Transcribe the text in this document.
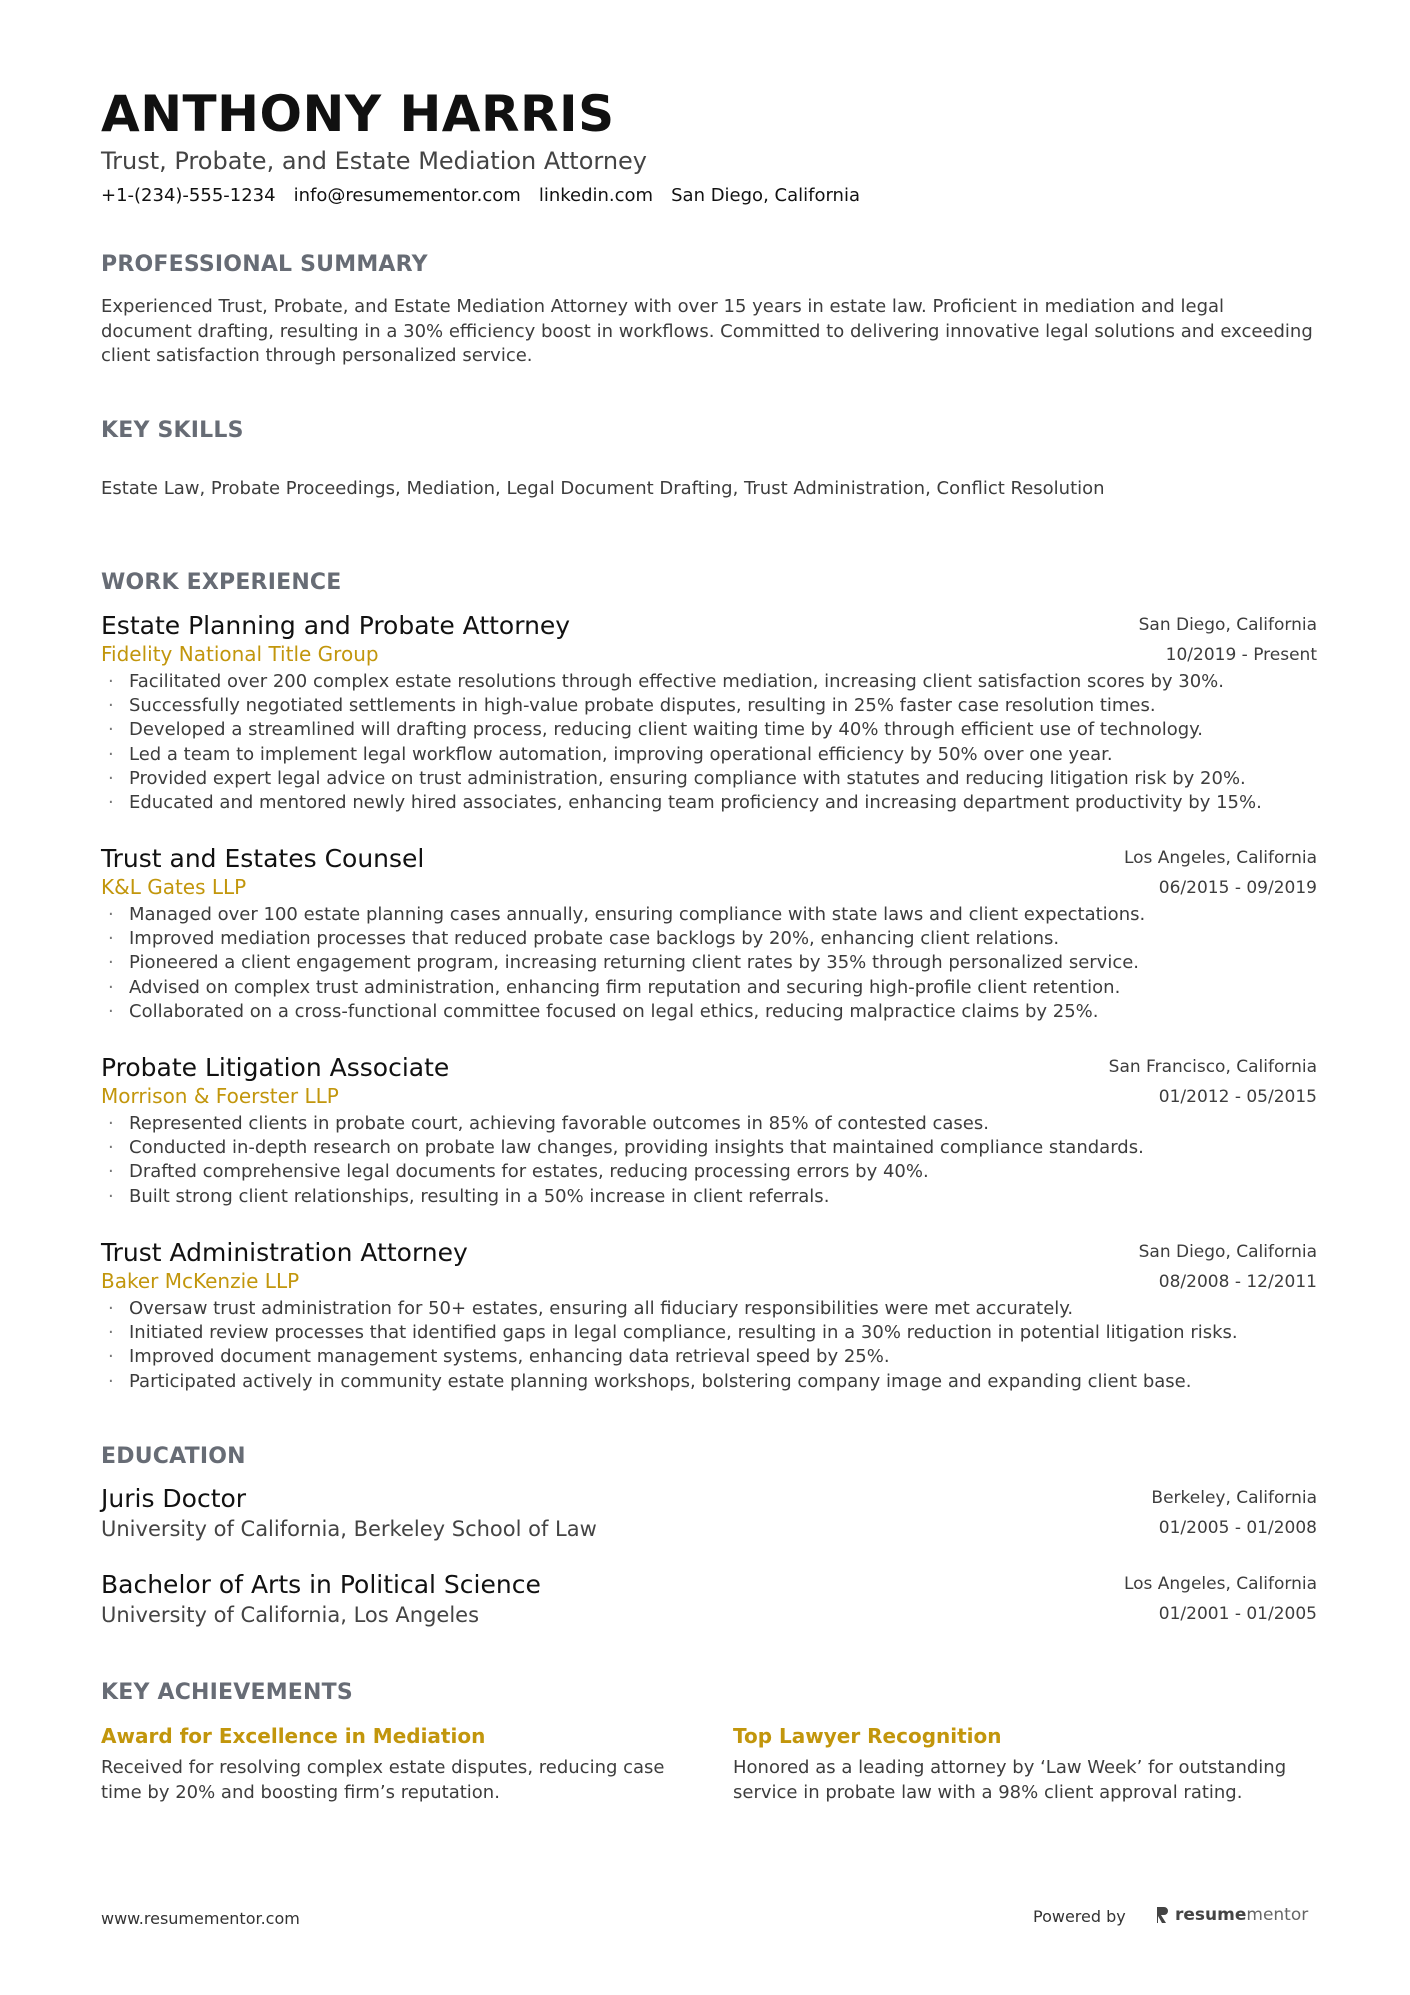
ANTHONY HARRIS
Trust, Probate, and Estate Mediation Attorney
+1-(234)-555-1234 info@resumementor.com linkedin.com San Diego, California
PROFESSIONAL SUMMARY

Experienced Trust, Probate, and Estate Mediation Attorney with over 15 years in estate law. Proficient in mediation and legal document drafting, resulting in a 30% efficiency boost in workflows. Committed to delivering innovative legal solutions and exceeding client satisfaction through personalized service.

KEY SKILLS

Estate Law, Probate Proceedings, Mediation, Legal Document Drafting, Trust Administration, Conflict Resolution

WORK EXPERIENCE
Estate Planning and Probate Attorney
Fidelity National Title Group
San Diego, California
10/2019 - Present
· Facilitated over 200 complex estate resolutions through effective mediation, increasing client satisfaction scores by 30%.
· Successfully negotiated settlements in high-value probate disputes, resulting in 25% faster case resolution times.
· Developed a streamlined will drafting process, reducing client waiting time by 40% through efficient use of technology.
· Led a team to implement legal workflow automation, improving operational efficiency by 50% over one year.
· Provided expert legal advice on trust administration, ensuring compliance with statutes and reducing litigation risk by 20%.
· Educated and mentored newly hired associates, enhancing team proficiency and increasing department productivity by 15%.
Trust and Estates Counsel
K&L Gates LLP
Los Angeles, California
06/2015 - 09/2019
· Managed over 100 estate planning cases annually, ensuring compliance with state laws and client expectations.
· Improved mediation processes that reduced probate case backlogs by 20%, enhancing client relations.
· Pioneered a client engagement program, increasing returning client rates by 35% through personalized service.
· Advised on complex trust administration, enhancing firm reputation and securing high-profile client retention.
· Collaborated on a cross-functional committee focused on legal ethics, reducing malpractice claims by 25%.
Probate Litigation Associate
Morrison & Foerster LLP
San Francisco, California
01/2012 - 05/2015
· Represented clients in probate court, achieving favorable outcomes in 85% of contested cases.
· Conducted in-depth research on probate law changes, providing insights that maintained compliance standards.
· Drafted comprehensive legal documents for estates, reducing processing errors by 40%.
· Built strong client relationships, resulting in a 50% increase in client referrals.
Trust Administration Attorney
Baker McKenzie LLP
San Diego, California
08/2008 - 12/2011
· Oversaw trust administration for 50+ estates, ensuring all fiduciary responsibilities were met accurately.
· Initiated review processes that identified gaps in legal compliance, resulting in a 30% reduction in potential litigation risks.
· Improved document management systems, enhancing data retrieval speed by 25%.
· Participated actively in community estate planning workshops, bolstering company image and expanding client base.
EDUCATION
Juris Doctor
University of California, Berkeley School of Law
Berkeley, California
01/2005 - 01/2008
Bachelor of Arts in Political Science
University of California, Los Angeles
Los Angeles, California
01/2001 - 01/2005
KEY ACHIEVEMENTS
Award for Excellence in Mediation
Received for resolving complex estate disputes, reducing case time by 20% and boosting firm’s reputation.
Top Lawyer Recognition
Honored as a leading attorney by ‘Law Week’ for outstanding service in probate law with a 98% client approval rating.
www.resumementor.com	Powered by	resumementor
